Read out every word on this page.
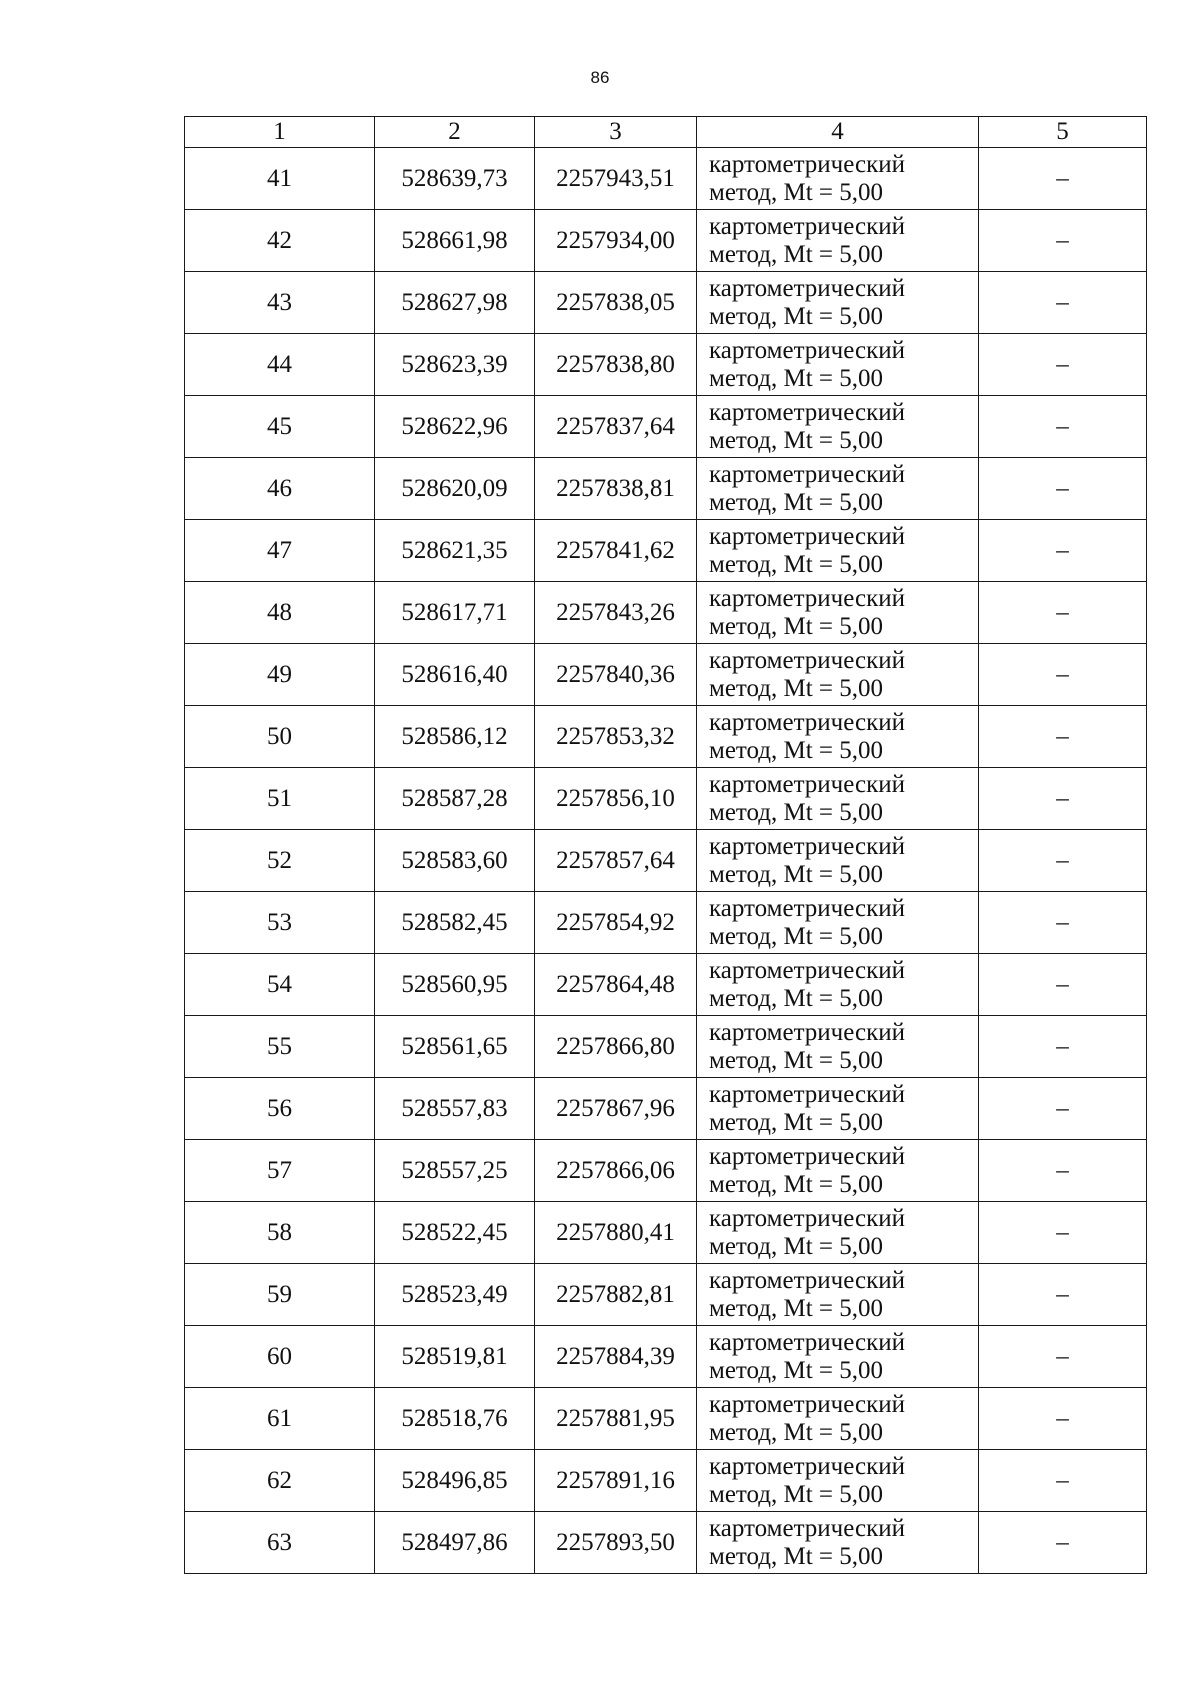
86
1	2	3	4	5
41	528639,73	2257943,51	картометрический
метод, Mt = 5,00	–
42	528661,98	2257934,00	картометрический
метод, Mt = 5,00	–
43	528627,98	2257838,05	картометрический
метод, Mt = 5,00	–
44	528623,39	2257838,80	картометрический
метод, Mt = 5,00	–
45	528622,96	2257837,64	картометрический
метод, Mt = 5,00	–
46	528620,09	2257838,81	картометрический
метод, Mt = 5,00	–
47	528621,35	2257841,62	картометрический
метод, Mt = 5,00	–
48	528617,71	2257843,26	картометрический
метод, Mt = 5,00	–
49	528616,40	2257840,36	картометрический
метод, Mt = 5,00	–
50	528586,12	2257853,32	картометрический
метод, Mt = 5,00	–
51	528587,28	2257856,10	картометрический
метод, Mt = 5,00	–
52	528583,60	2257857,64	картометрический
метод, Mt = 5,00	–
53	528582,45	2257854,92	картометрический
метод, Mt = 5,00	–
54	528560,95	2257864,48	картометрический
метод, Mt = 5,00	–
55	528561,65	2257866,80	картометрический
метод, Mt = 5,00	–
56	528557,83	2257867,96	картометрический
метод, Mt = 5,00	–
57	528557,25	2257866,06	картометрический
метод, Mt = 5,00	–
58	528522,45	2257880,41	картометрический
метод, Mt = 5,00	–
59	528523,49	2257882,81	картометрический
метод, Mt = 5,00	–
60	528519,81	2257884,39	картометрический
метод, Mt = 5,00	–
61	528518,76	2257881,95	картометрический
метод, Mt = 5,00	–
62	528496,85	2257891,16	картометрический
метод, Mt = 5,00	–
63	528497,86	2257893,50	картометрический
метод, Mt = 5,00	–
